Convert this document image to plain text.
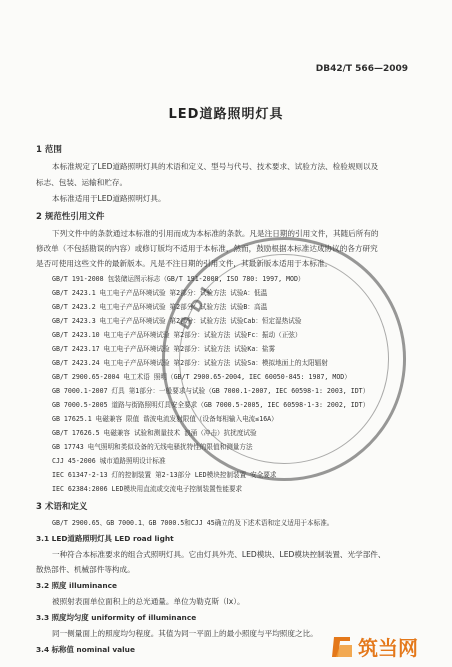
DB42/T 566—2009
LED道路照明灯具
1 范围
本标准规定了LED道路照明灯具的术语和定义、型号与代号、技术要求、试验方法、检验规则以及
标志、包装、运输和贮存。
本标准适用于LED道路照明灯具。
2 规范性引用文件
下列文件中的条款通过本标准的引用而成为本标准的条款。凡是注日期的引用文件，其随后所有的
修改单（不包括勘误的内容）或修订版均不适用于本标准，然而，鼓励根据本标准达成协议的各方研究
是否可使用这些文件的最新版本。凡是不注日期的引用文件，其最新版本适用于本标准。
GB/T 191-2008 包装储运图示标志（GB/T 191-2008, ISO 780: 1997, MOD）
GB/T 2423.1 电工电子产品环境试验 第2部分：试验方法 试验A：低温
GB/T 2423.2 电工电子产品环境试验 第2部分：试验方法 试验B：高温
GB/T 2423.3 电工电子产品环境试验 第2部分：试验方法 试验Cab：恒定湿热试验
GB/T 2423.10 电工电子产品环境试验 第2部分：试验方法 试验Fc：振动（正弦）
GB/T 2423.17 电工电子产品环境试验 第2部分：试验方法 试验Ka：盐雾
GB/T 2423.24 电工电子产品环境试验 第2部分：试验方法 试验Sa：模拟地面上的太阳辐射
GB/T 2900.65-2004 电工术语 照明（GB/T 2900.65-2004, IEC 60050-845: 1987, MOD）
GB 7000.1-2007 灯具 第1部分：一般要求与试验（GB 7000.1-2007, IEC 60598-1: 2003, IDT）
GB 7000.5-2005 道路与街路照明灯具安全要求（GB 7000.5-2005, IEC 60598-1-3: 2002, IDT）
GB 17625.1 电磁兼容 限值 谐波电流发射限值（设备每相输入电流≤16A）
GB/T 17626.5 电磁兼容 试验和测量技术 浪涌（冲击）抗扰度试验
GB 17743 电气照明和类似设备的无线电骚扰特性的限值和测量方法
CJJ 45-2006 城市道路照明设计标准
IEC 61347-2-13 灯的控制装置 第2-13部分 LED模块控制装置 安全要求
IEC 62384:2006 LED模块用直流或交流电子控制装置性能要求
3 术语和定义
GB/T 2900.65、GB 7000.1、GB 7000.5和CJJ 45确立的及下述术语和定义适用于本标准。
3.1 LED道路照明灯具 LED road light
一种符合本标准要求的组合式照明灯具。它由灯具外壳、LED模块、LED模块控制装置、光学部件、
散热部件、机械部件等构成。
3.2 照度 illuminance
被照射表面单位面积上的总光通量。单位为勒克斯（lx）。
3.3 照度均匀度 uniformity of illuminance
同一侧量面上的照度均匀程度。其值为同一平面上的最小照度与平均照度之比。
3.4 标称值 nominal value
DDI
筑当网
